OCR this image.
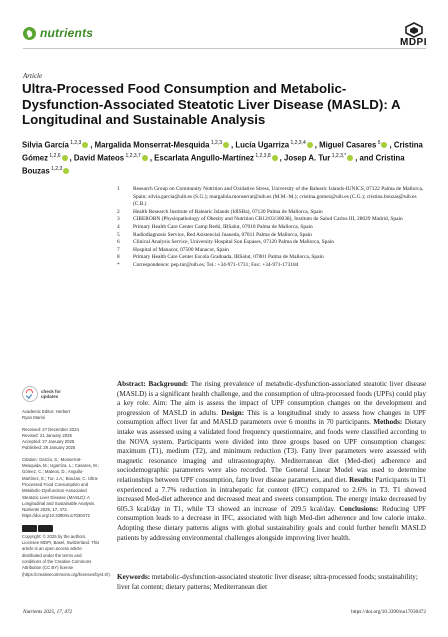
nutrients
MDPI
Article
Ultra-Processed Food Consumption and Metabolic-Dysfunction-Associated Steatotic Liver Disease (MASLD): A Longitudinal and Sustainable Analysis
Silvia García $^{1,2,3}$ , Margalida Monserrat-Mesquida $^{1,2,3}$ , Lucía Ugarriza $^{1,2,3,4}$ , Miguel Casares $^5$ , Cristina Gómez $^{1,2,6}$ , David Mateos $^{1,2,3,7}$ , Escarlata Angullo-Martínez $^{1,2,3,8}$ , Josep A. Tur $^{1,2,3,*}$ , and Cristina Bouzas $^{1,2,3}$
1	Research Group on Community Nutrition and Oxidative Stress, University of the Balearic Islands-IUNICS, 07122 Palma de Mallorca, Spain; silvia.garcia@uib.es (S.G.); margalida.monserrat@uib.es (M.M.-M.); cristina.gomez@uib.es (C.G.); cristina.bouzas@uib.es (C.B.)
2	Health Research Institute of Balearic Islands (IdISBa), 07120 Palma de Mallorca, Spain
3	CIBEROBN (Physiopathology of Obesity and Nutrition CB12/03/30038), Instituto de Salud Carlos III, 28029 Madrid, Spain
4	Primary Health Care Center Camp Redó, IBSalut, 07010 Palma de Mallorca, Spain
5	Radiodiagnosis Service, Red Asistencial Juaneda, 07011 Palma de Mallorca, Spain
6	Clinical Analysis Service, University Hospital Son Espases, 07120 Palma de Mallorca, Spain
7	Hospital of Manacor, 07500 Manacor, Spain
8	Primary Health Care Center Escola Graduada, IBSalut, 07001 Palma de Mallorca, Spain
*	Correspondence: pep.tur@uib.es; Tel.: +34-971-1731; Fax: +34-971-173184
check for
updates
Academic Editor: Herbert
Ryan Marini
Received: 27 December 2024
Revised: 21 January 2025
Accepted: 27 January 2025
Published: 29 January 2025
Citation: García, S.; Monserrat-Mesquida, M.; Ugarriza, L.; Casares, M.; Gómez, C.; Mateos, D.; Angullo-Martínez, E.; Tur, J.A.; Bouzas, C. Ultra-Processed Food Consumption and Metabolic-Dysfunction-Associated Steatotic Liver Disease (MASLD): A Longitudinal and Sustainable Analysis. Nutrients 2025, 17, 472. https://doi.org/10.3390/nu17030472
Copyright: © 2025 by the authors. Licensee MDPI, Basel, Switzerland. This article is an open access article distributed under the terms and conditions of the Creative Commons Attribution (CC BY) license (https://creativecommons.org/licenses/by/4.0/).
Abstract: Background: The rising prevalence of metabolic-dysfunction-associated steatotic liver disease (MASLD) is a significant health challenge, and the consumption of ultra-processed foods (UPFs) could play a key role. Aim: The aim is assess the impact of UPF consumption changes on the development and progression of MASLD in adults. Design: This is a longitudinal study to assess how changes in UPF consumption affect liver fat and MASLD parameters over 6 months in 70 participants. Methods: Dietary intake was assessed using a validated food frequency questionnaire, and foods were classified according to the NOVA system. Participants were divided into three groups based on UPF consumption changes: maximum (T1), medium (T2), and minimum reduction (T3). Fatty liver parameters were assessed with magnetic resonance imaging and ultrasonography. Mediterranean diet (Med-diet) adherence and sociodemographic parameters were also recorded. The General Linear Model was used to determine relationships between UPF consumption, fatty liver disease parameters, and diet. Results: Participants in T1 experienced a 7.7% reduction in intrahepatic fat content (IFC) compared to 2.6% in T3. T1 showed increased Med-diet adherence and decreased meat and sweets consumption. The energy intake decreased by 605.3 kcal/day in T1, while T3 showed an increase of 209.5 kcal/day. Conclusions: Reducing UPF consumption leads to a decrease in IFC, associated with high Med-diet adherence and low calorie intake. Adopting these dietary patterns aligns with global sustainability goals and could further benefit MASLD patients by addressing environmental challenges alongside improving liver health.
Keywords: metabolic-dysfunction-associated steatotic liver disease; ultra-processed foods; sustainability; liver fat content; dietary patterns; Mediterranean diet
Nutrients 2025, 17, 472	https://doi.org/10.3390/nu17030472
